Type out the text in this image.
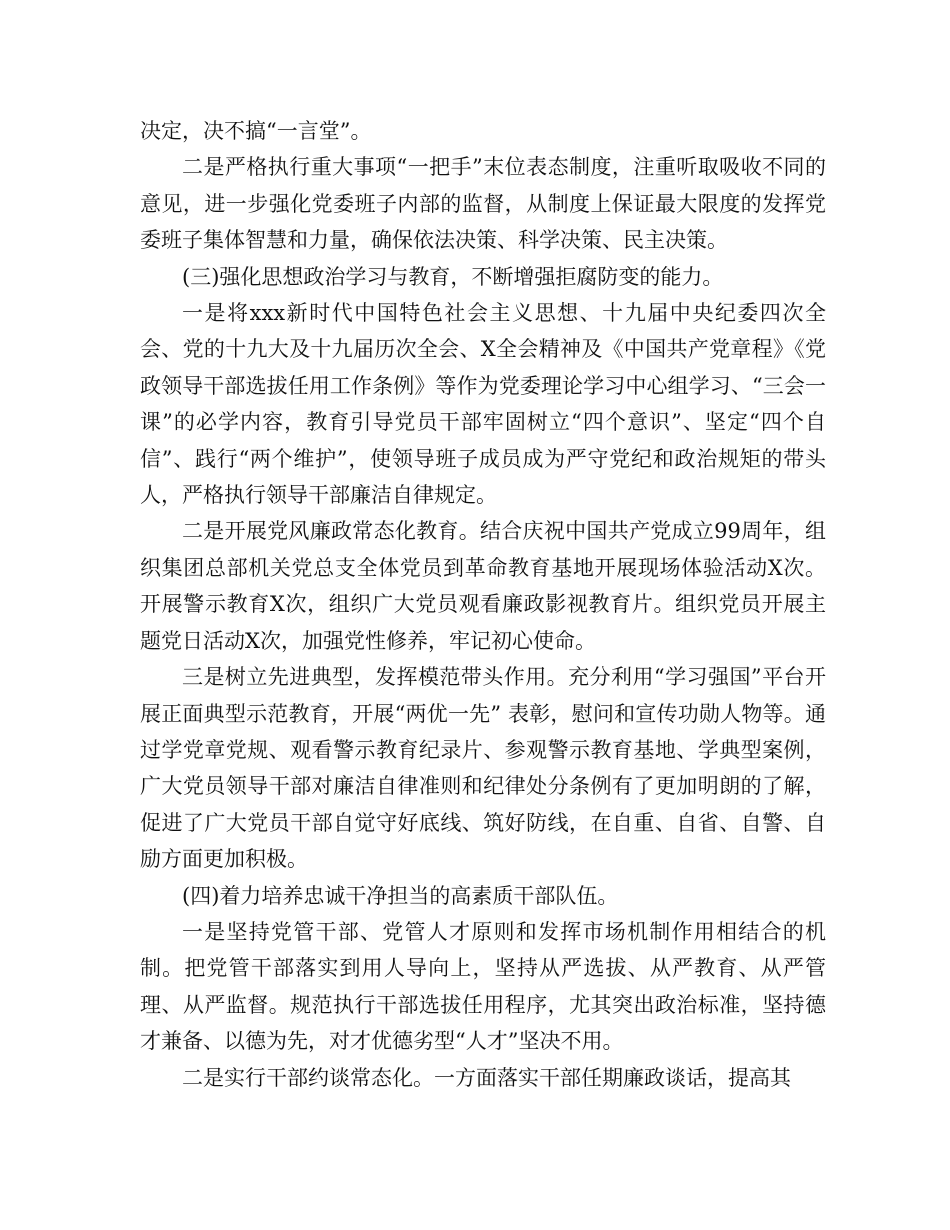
决定，决不搞“一言堂”。

二是严格执行重大事项“一把手”末位表态制度，注重听取吸收不同的意见，进一步强化党委班子内部的监督，从制度上保证最大限度的发挥党委班子集体智慧和力量，确保依法决策、科学决策、民主决策。

(三)强化思想政治学习与教育，不断增强拒腐防变的能力。

一是将xxx新时代中国特色社会主义思想、十九届中央纪委四次全会、党的十九大及十九届历次全会、X全会精神及《中国共产党章程》《党政领导干部选拔任用工作条例》等作为党委理论学习中心组学习、“三会一课”的必学内容，教育引导党员干部牢固树立“四个意识”、坚定“四个自信”、践行“两个维护”，使领导班子成员成为严守党纪和政治规矩的带头人，严格执行领导干部廉洁自律规定。

二是开展党风廉政常态化教育。结合庆祝中国共产党成立99周年，组织集团总部机关党总支全体党员到革命教育基地开展现场体验活动X次。开展警示教育X次，组织广大党员观看廉政影视教育片。组织党员开展主题党日活动X次，加强党性修养，牢记初心使命。

三是树立先进典型，发挥模范带头作用。充分利用“学习强国”平台开展正面典型示范教育，开展“两优一先” 表彰，慰问和宣传功勋人物等。通过学党章党规、观看警示教育纪录片、参观警示教育基地、学典型案例，广大党员领导干部对廉洁自律准则和纪律处分条例有了更加明朗的了解，促进了广大党员干部自觉守好底线、筑好防线，在自重、自省、自警、自励方面更加积极。

(四)着力培养忠诚干净担当的高素质干部队伍。

一是坚持党管干部、党管人才原则和发挥市场机制作用相结合的机制。把党管干部落实到用人导向上，坚持从严选拔、从严教育、从严管理、从严监督。规范执行干部选拔任用程序，尤其突出政治标准，坚持德才兼备、以德为先，对才优德劣型“人才”坚决不用。

二是实行干部约谈常态化。一方面落实干部任期廉政谈话，提高其
